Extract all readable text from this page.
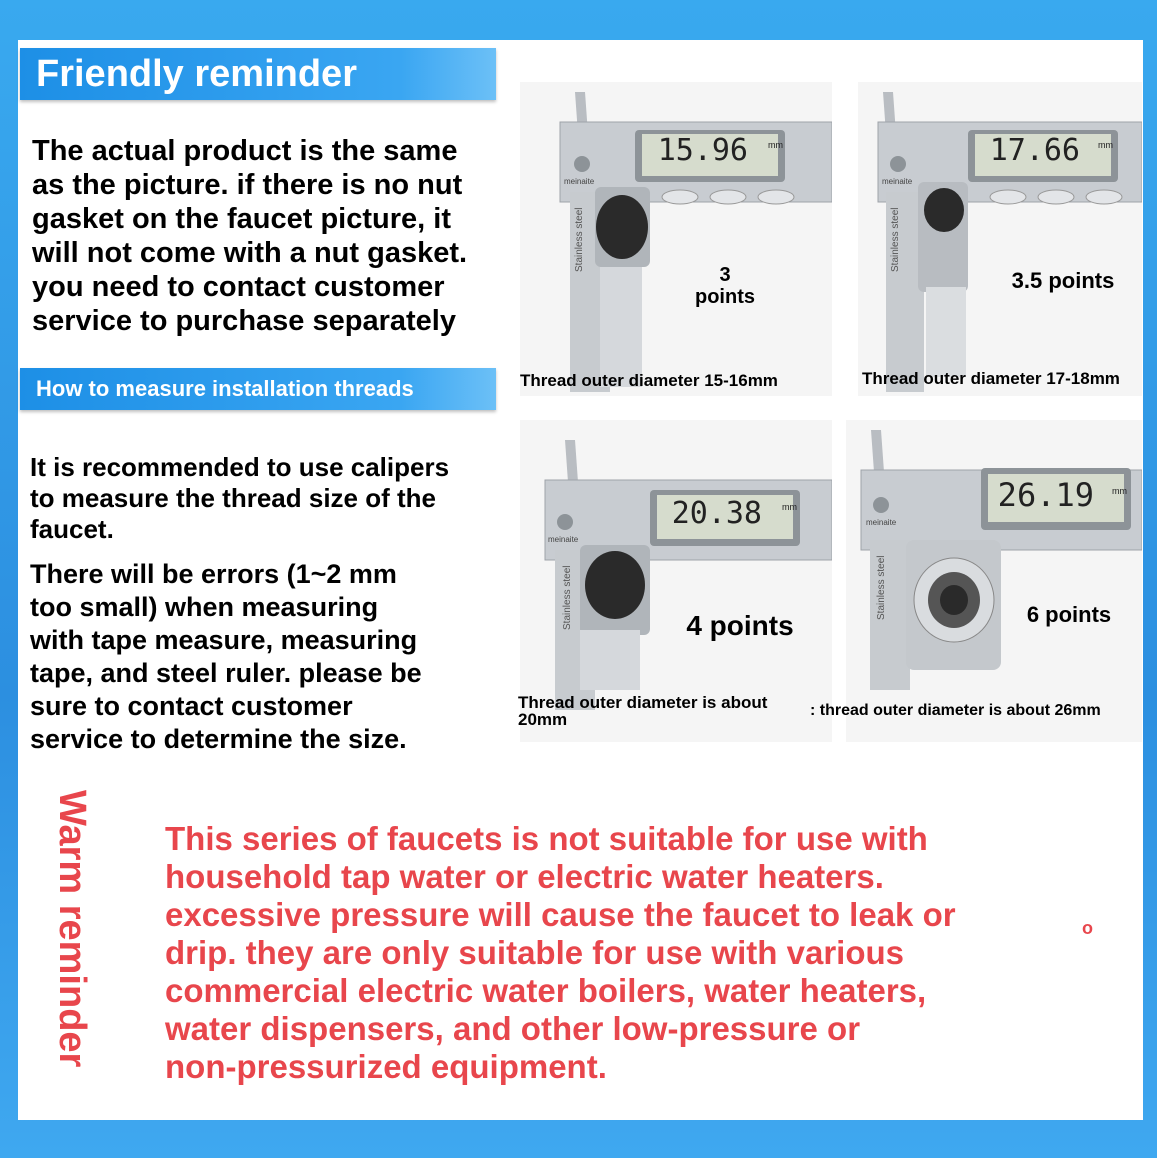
Friendly reminder
The actual product is the same
as the picture. if there is no nut
gasket on the faucet picture, it
will not come with a nut gasket.
you need to contact customer
service to purchase separately
How to measure installation threads
It is recommended to use calipers
to measure the thread size of the
faucet.
There will be errors (1~2 mm
too small) when measuring
with tape measure, measuring
tape, and steel ruler. please be
sure to contact customer
service to determine the size.
15.96 mm
meinaite
Stainless steel
3
points
Thread outer diameter 15-16mm
17.66 mm
meinaite
Stainless steel
3.5 points
Thread outer diameter 17-18mm
20.38 mm
meinaite
Stainless steel	4 points
Thread outer diameter is about
20mm
26.19 mm
meinaite
Stainless steel	6 points
: thread outer diameter is about 26mm
Warm reminder This series of faucets is not suitable for use with
household tap water or electric water heaters.
excessive pressure will cause the faucet to leak or
drip. they are only suitable for use with various
commercial electric water boilers, water heaters,
water dispensers, and other low-pressure or
non-pressurized equipment.
o
